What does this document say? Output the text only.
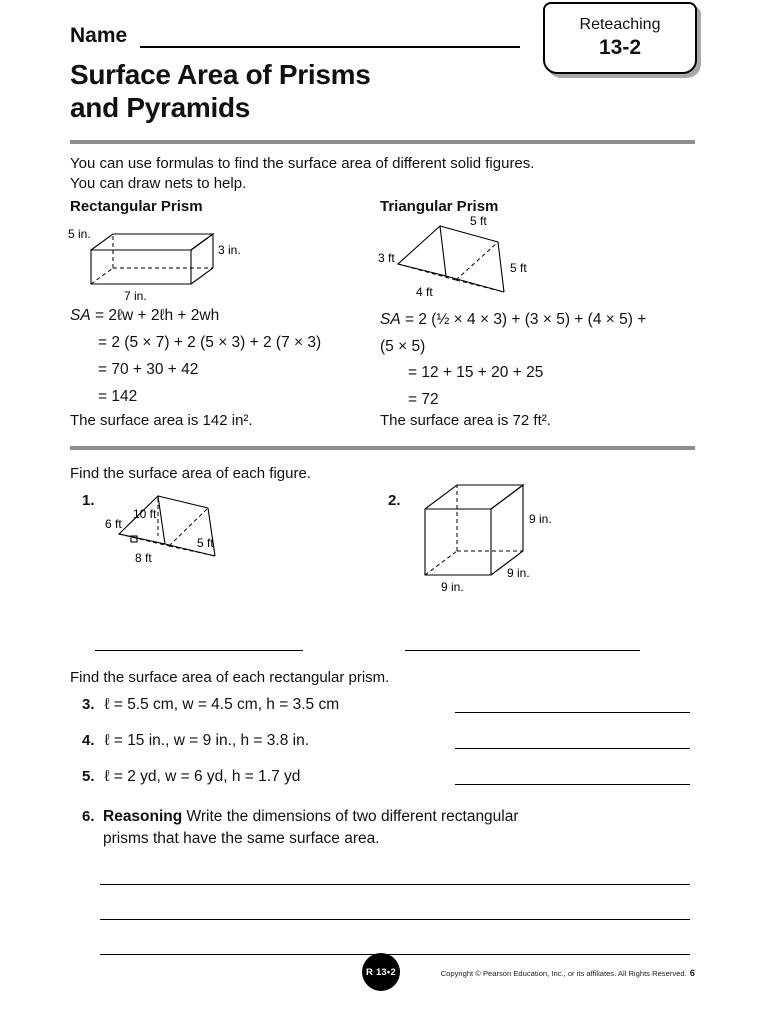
Name	Reteaching
13-2
Surface Area of Prisms
and Pyramids
You can use formulas to find the surface area of different solid figures.
You can draw nets to help.
Rectangular Prism	Triangular Prism
5 in.
3 in.
7 in.
5 ft
3 ft
5 ft
4 ft
SA = 2ℓw + 2ℓh + 2wh
= 2 (5 × 7) + 2 (5 × 3) + 2 (7 × 3)
= 70 + 30 + 42
= 142
The surface area is 142 in².
SA = 2 (½ × 4 × 3) + (3 × 5) + (4 × 5) +
(5 × 5)
= 12 + 15 + 20 + 25
= 72
The surface area is 72 ft².
Find the surface area of each figure.
1.
10 ft
6 ft
5 ft
8 ft
2.
9 in.
9 in.
9 in.
Find the surface area of each rectangular prism.
3. ℓ = 5.5 cm, w = 4.5 cm, h = 3.5 cm
4. ℓ = 15 in., w = 9 in., h = 3.8 in.
5. ℓ = 2 yd, w = 6 yd, h = 1.7 yd
6. Reasoning Write the dimensions of two different rectangular prisms that have the same surface area.
R 13•2	Copyright © Pearson Education, Inc., or its affiliates. All Rights Reserved. 6
